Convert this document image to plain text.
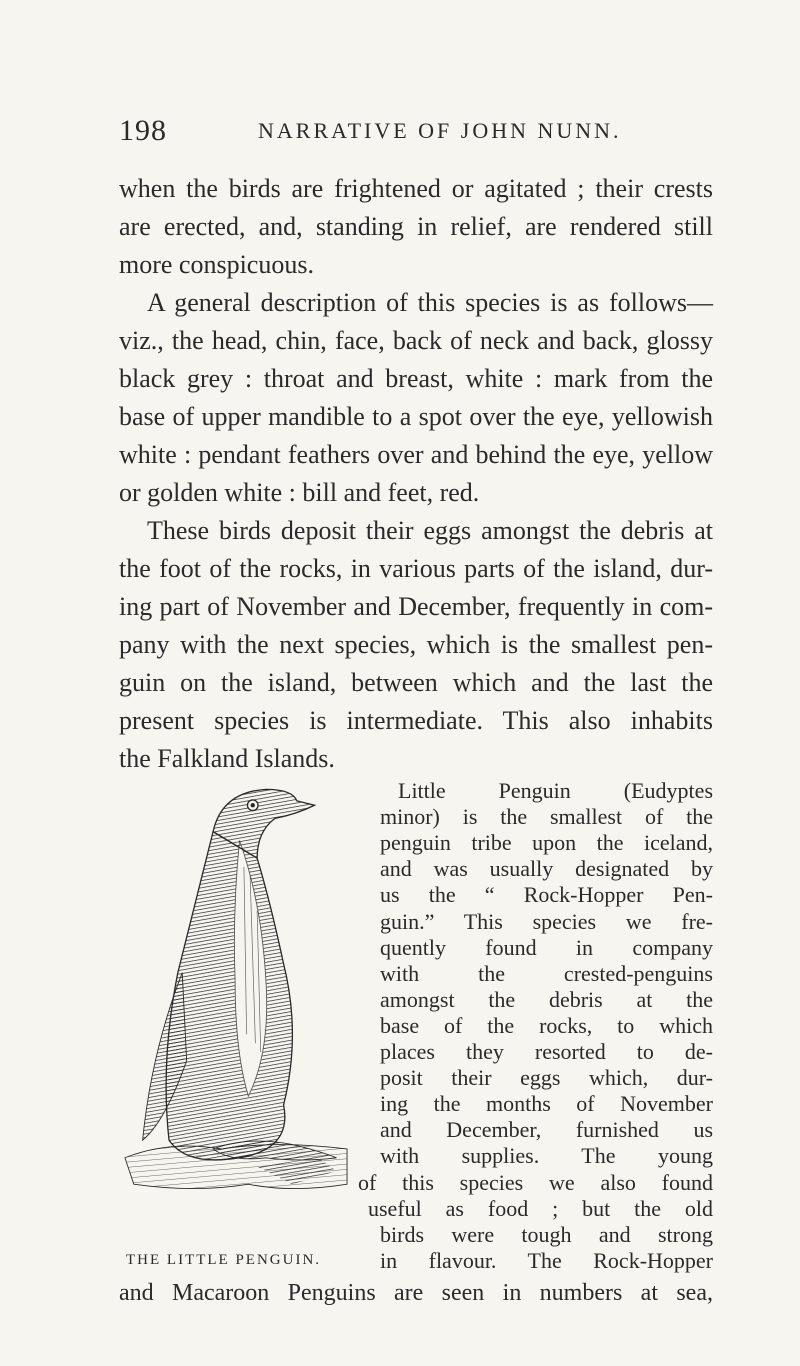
198	NARRATIVE OF JOHN NUNN.
when the birds are frightened or agitated ; their crests
are erected, and, standing in relief, are rendered still
more conspicuous.
A general description of this species is as follows—
viz., the head, chin, face, back of neck and back, glossy
black grey : throat and breast, white : mark from the
base of upper mandible to a spot over the eye, yellowish
white : pendant feathers over and behind the eye, yellow
or golden white : bill and feet, red.
These birds deposit their eggs amongst the debris at
the foot of the rocks, in various parts of the island, dur-
ing part of November and December, frequently in com-
pany with the next species, which is the smallest pen-
guin on the island, between which and the last the
present species is intermediate. This also inhabits
the Falkland Islands.
Little Penguin (Eudyptes
minor) is the smallest of the
penguin tribe upon the iceland,
and was usually designated by
us the “ Rock-Hopper Pen-
guin.” This species we fre-
quently found in company
with the crested-penguins
amongst the debris at the
base of the rocks, to which
places they resorted to de-
posit their eggs which, dur-
ing the months of November
and December, furnished us
with supplies. The young
of this species we also found
useful as food ; but the old
birds were tough and strong
in flavour. The Rock-Hopper
THE LITTLE PENGUIN.
and Macaroon Penguins are seen in numbers at sea,
